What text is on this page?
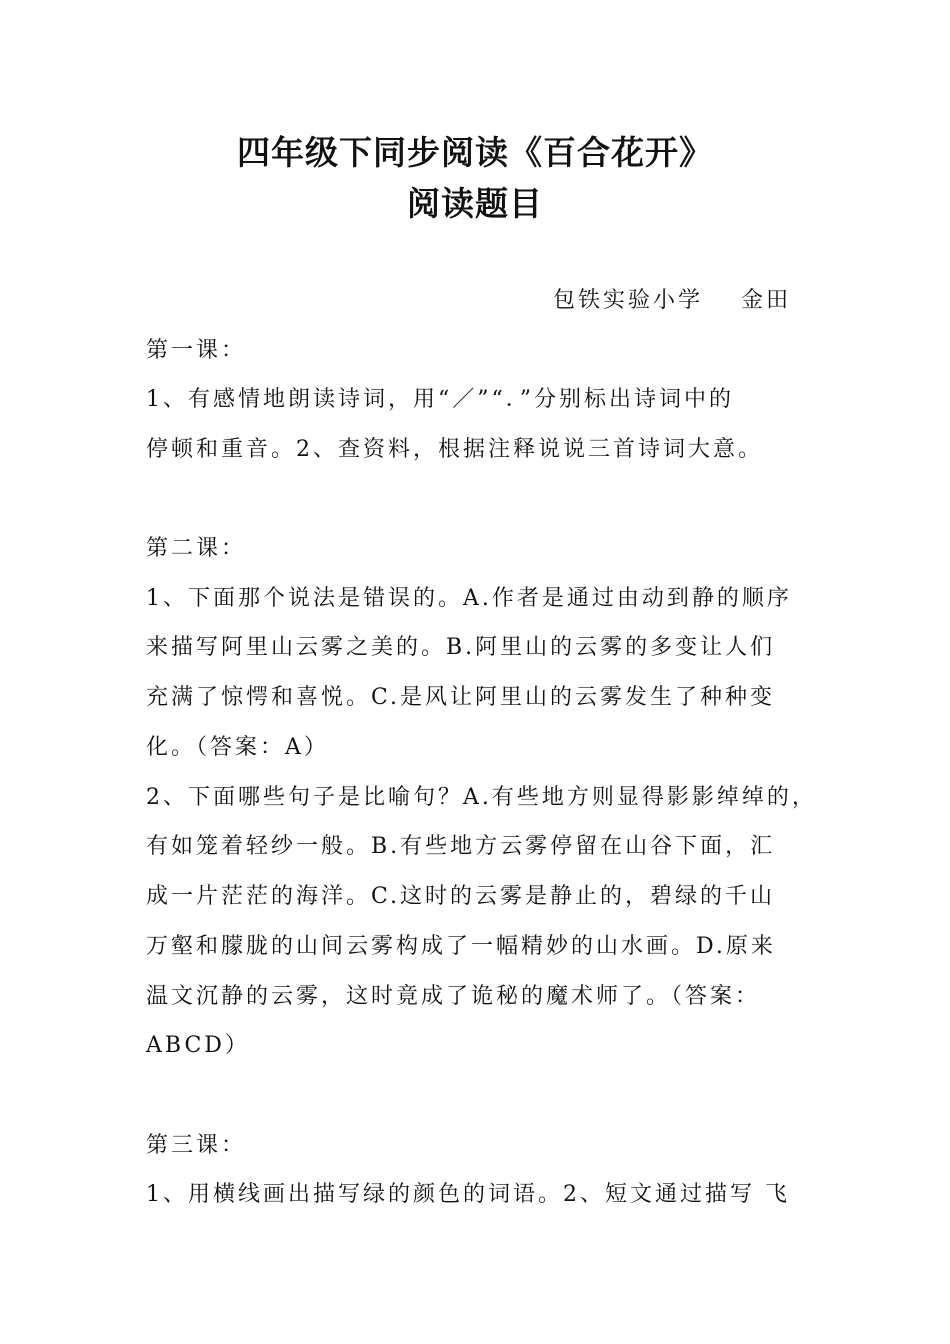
四年级下同步阅读《百合花开》
阅读题目
包铁实验小学 金田
第一课：
1、有感情地朗读诗词，用“／”“．”分别标出诗词中的
停顿和重音。2、查资料，根据注释说说三首诗词大意。
第二课：
1、下面那个说法是错误的。A.作者是通过由动到静的顺序
来描写阿里山云雾之美的。B.阿里山的云雾的多变让人们
充满了惊愕和喜悦。C.是风让阿里山的云雾发生了种种变
化。（答案：A）
2、下面哪些句子是比喻句？A.有些地方则显得影影绰绰的，
有如笼着轻纱一般。B.有些地方云雾停留在山谷下面，汇
成一片茫茫的海洋。C.这时的云雾是静止的，碧绿的千山
万壑和朦胧的山间云雾构成了一幅精妙的山水画。D.原来
温文沉静的云雾，这时竟成了诡秘的魔术师了。（答案：
ABCD）
第三课：
1、用横线画出描写绿的颜色的词语。2、短文通过描写 飞
